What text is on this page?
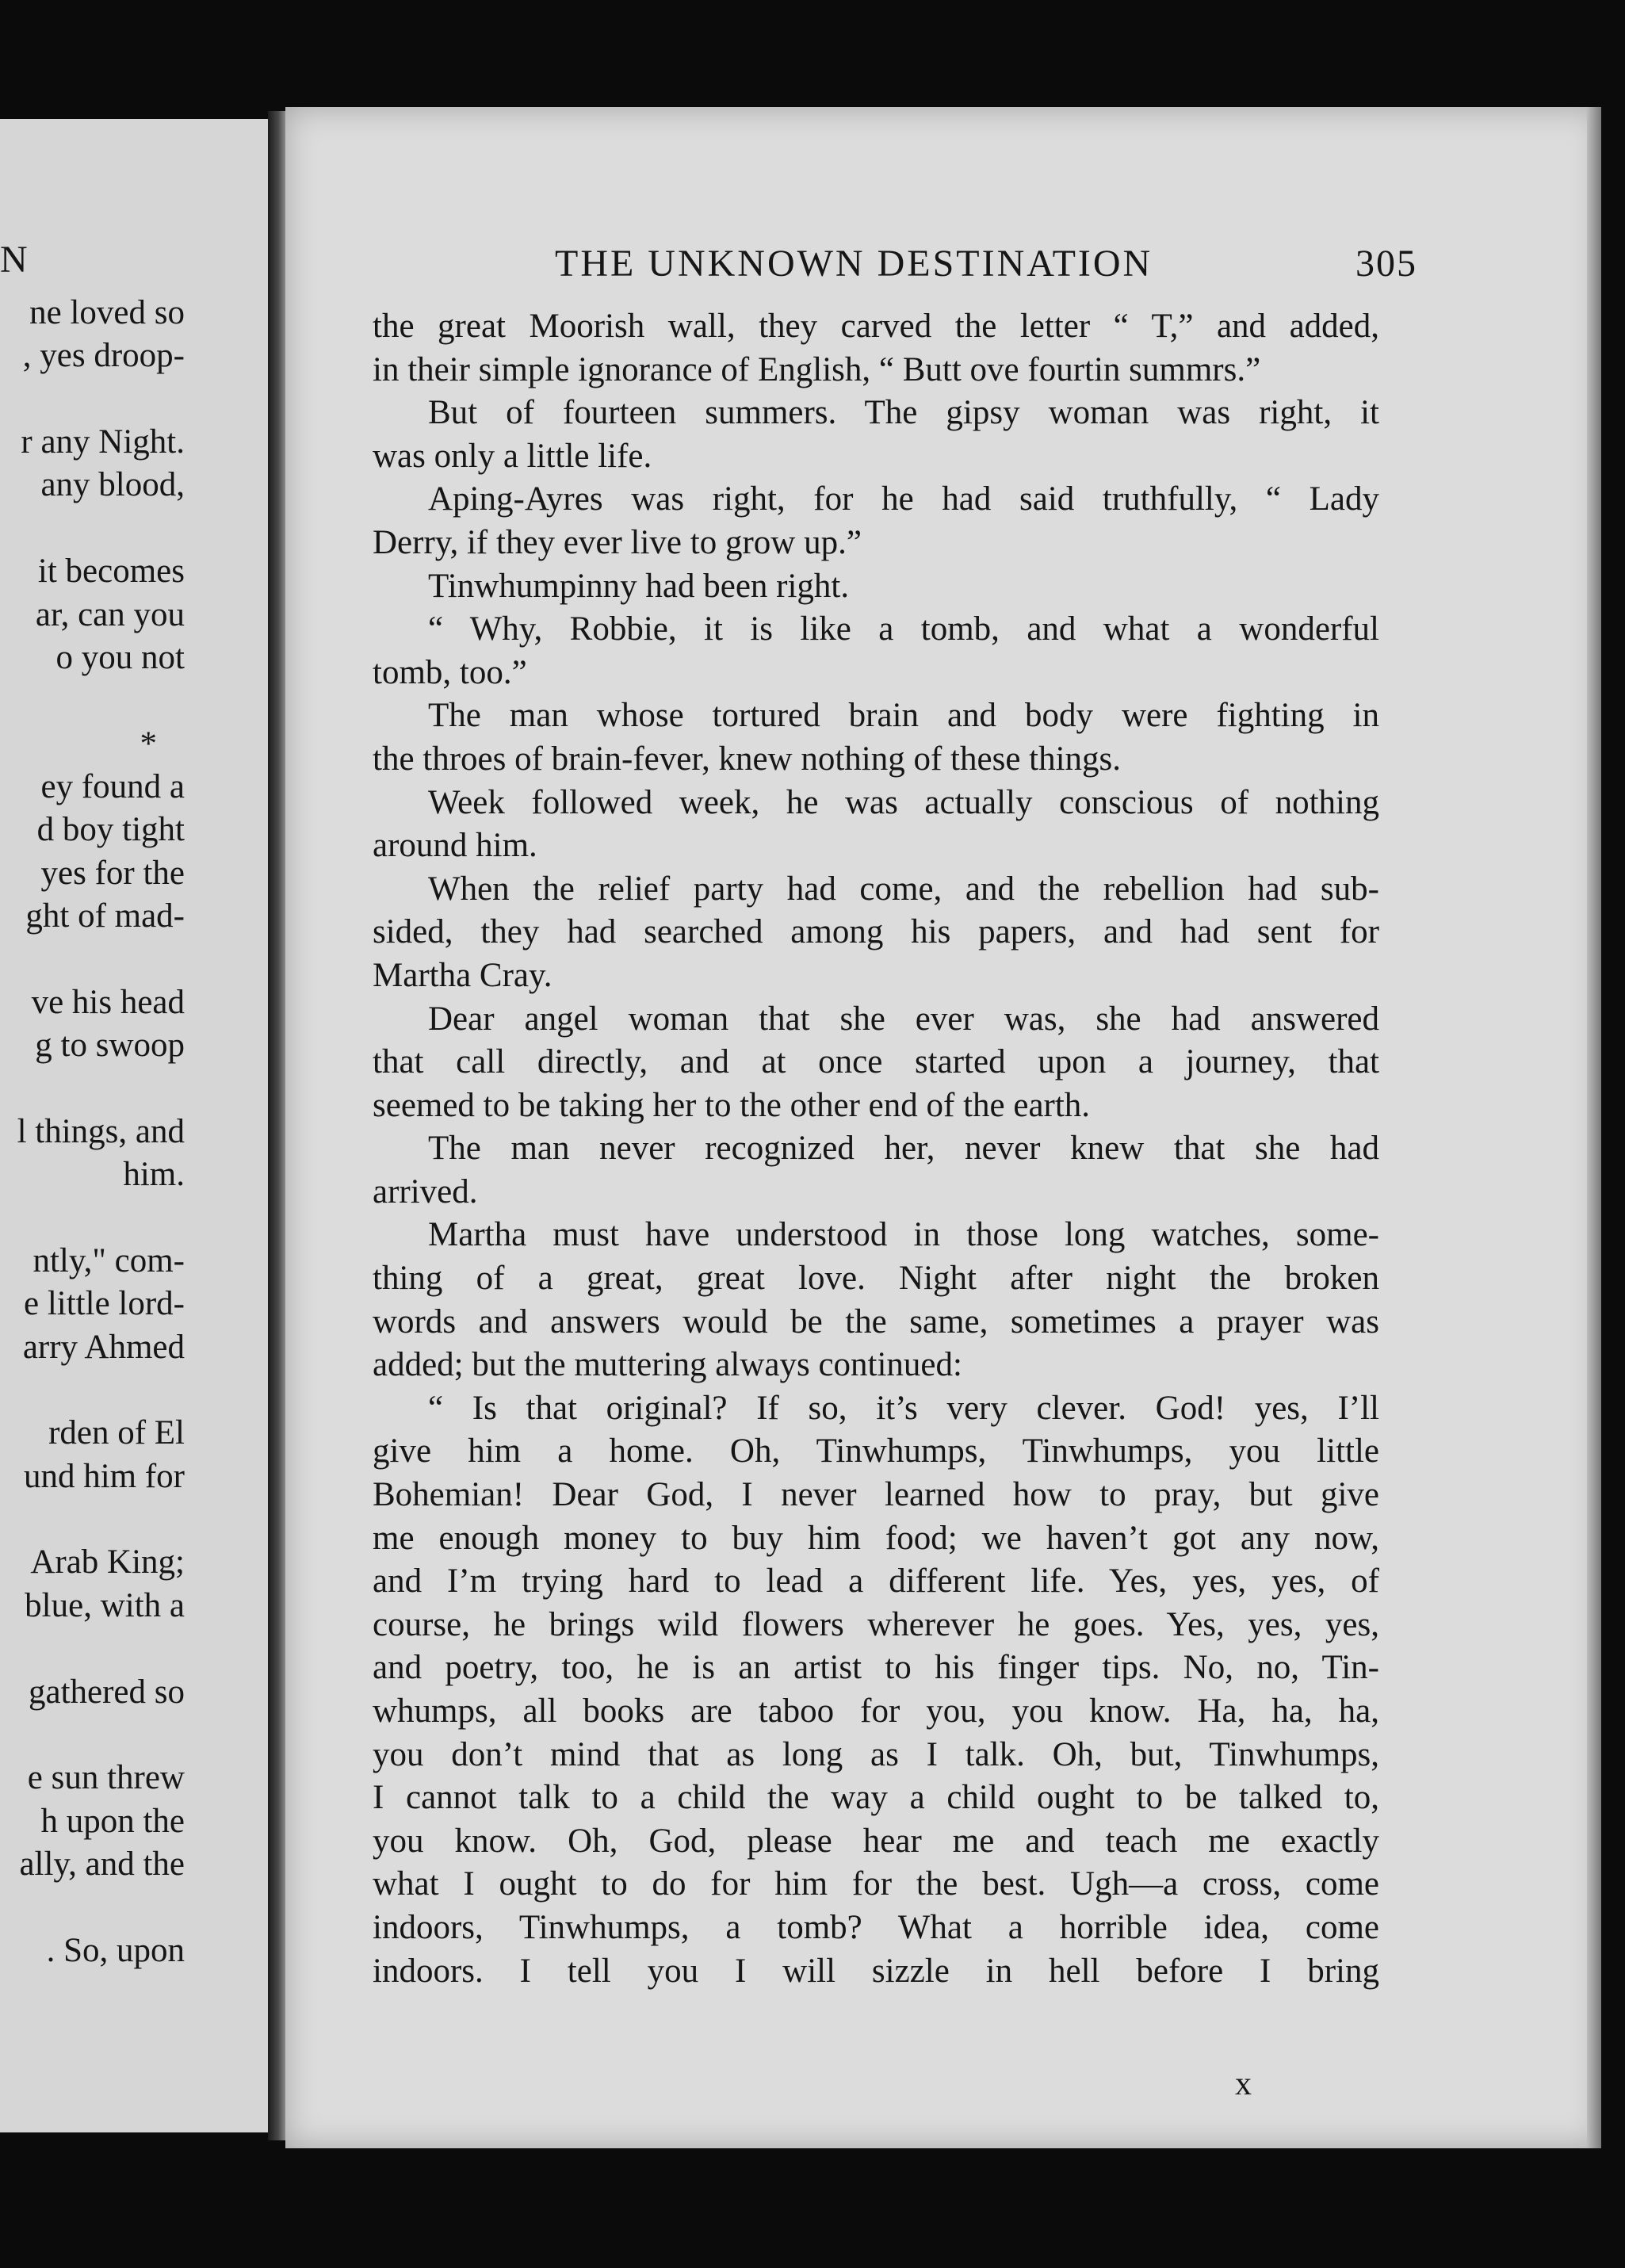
N
ne loved so
, yes droop-
r any Night.
any blood,
it becomes
ar, can you
o you not
*
ey found a
d boy tight
yes for the
ght of mad-
ve his head
g to swoop
l things, and
him.
ntly," com-
e little lord-
arry Ahmed
rden of El
und him for
Arab King;
blue, with a
gathered so
e sun threw
h upon the
ally, and the
. So, upon
THE UNKNOWN DESTINATION	305
the great Moorish wall, they carved the letter “ T,” and added,
in their simple ignorance of English, “ Butt ove fourtin summrs.”
But of fourteen summers. The gipsy woman was right, it
was only a little life.
Aping-Ayres was right, for he had said truthfully, “ Lady
Derry, if they ever live to grow up.”
Tinwhumpinny had been right.
“ Why, Robbie, it is like a tomb, and what a wonderful
tomb, too.”
The man whose tortured brain and body were fighting in
the throes of brain-fever, knew nothing of these things.
Week followed week, he was actually conscious of nothing
around him.
When the relief party had come, and the rebellion had sub-
sided, they had searched among his papers, and had sent for
Martha Cray.
Dear angel woman that she ever was, she had answered
that call directly, and at once started upon a journey, that
seemed to be taking her to the other end of the earth.
The man never recognized her, never knew that she had
arrived.
Martha must have understood in those long watches, some-
thing of a great, great love. Night after night the broken
words and answers would be the same, sometimes a prayer was
added; but the muttering always continued:
“ Is that original? If so, it’s very clever. God! yes, I’ll
give him a home. Oh, Tinwhumps, Tinwhumps, you little
Bohemian! Dear God, I never learned how to pray, but give
me enough money to buy him food; we haven’t got any now,
and I’m trying hard to lead a different life. Yes, yes, yes, of
course, he brings wild flowers wherever he goes. Yes, yes, yes,
and poetry, too, he is an artist to his finger tips. No, no, Tin-
whumps, all books are taboo for you, you know. Ha, ha, ha,
you don’t mind that as long as I talk. Oh, but, Tinwhumps,
I cannot talk to a child the way a child ought to be talked to,
you know. Oh, God, please hear me and teach me exactly
what I ought to do for him for the best. Ugh—a cross, come
indoors, Tinwhumps, a tomb? What a horrible idea, come
indoors. I tell you I will sizzle in hell before I bring
x
